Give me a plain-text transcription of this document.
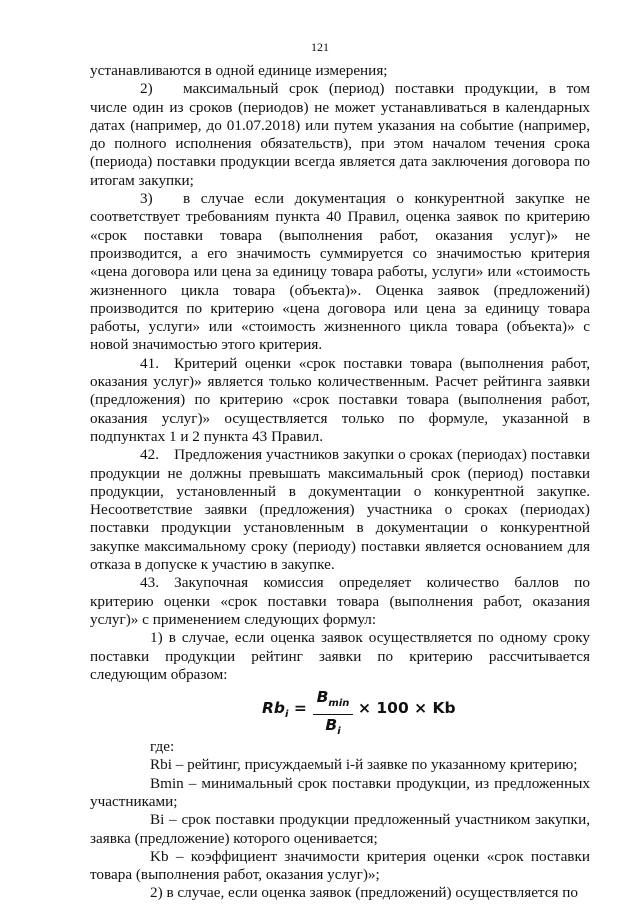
121

устанавливаются в одной единице измерения;

2)  максимальный срок (период) поставки продукции, в том числе один из сроков (периодов) не может устанавливаться в календарных датах (например, до 01.07.2018) или путем указания на событие (например, до полного исполнения обязательств), при этом началом течения срока (периода) поставки продукции всегда является дата заключения договора по итогам закупки;

3)  в случае если документация о конкурентной закупке не соответствует требованиям пункта 40 Правил, оценка заявок по критерию «срок поставки товара (выполнения работ, оказания услуг)» не производится, а его значимость суммируется со значимостью критерия «цена договора или цена за единицу товара работы, услуги» или «стоимость жизненного цикла товара (объекта)». Оценка заявок (предложений) производится по критерию «цена договора или цена за единицу товара работы, услуги» или «стоимость жизненного цикла товара (объекта)» с новой значимостью этого критерия.

41. Критерий оценки «срок поставки товара (выполнения работ, оказания услуг)» является только количественным. Расчет рейтинга заявки (предложения) по критерию «срок поставки товара (выполнения работ, оказания услуг)» осуществляется только по формуле, указанной в подпунктах 1 и 2 пункта 43 Правил.

42. Предложения участников закупки о сроках (периодах) поставки продукции не должны превышать максимальный срок (период) поставки продукции, установленный в документации о конкурентной закупке. Несоответствие заявки (предложения) участника о сроках (периодах) поставки продукции установленным в документации о конкурентной закупке максимальному сроку (периоду) поставки является основанием для отказа в допуске к участию в закупке.

43. Закупочная комиссия определяет количество баллов по критерию оценки «срок поставки товара (выполнения работ, оказания услуг)» с применением следующих формул:

1) в случае, если оценка заявок осуществляется по одному сроку поставки продукции рейтинг заявки по критерию рассчитывается следующим образом:

$Rb_i$ =
$B_{min}$
$B_i$
× 100 × Kb

где:

Rbi – рейтинг, присуждаемый i-й заявке по указанному критерию;

Bmin – минимальный срок поставки продукции, из предложенных участниками;

Bi – срок поставки продукции предложенный участником закупки, заявка (предложение) которого оценивается;

Kb – коэффициент значимости критерия оценки «срок поставки товара (выполнения работ, оказания услуг)»;

2) в случае, если оценка заявок (предложений) осуществляется по
